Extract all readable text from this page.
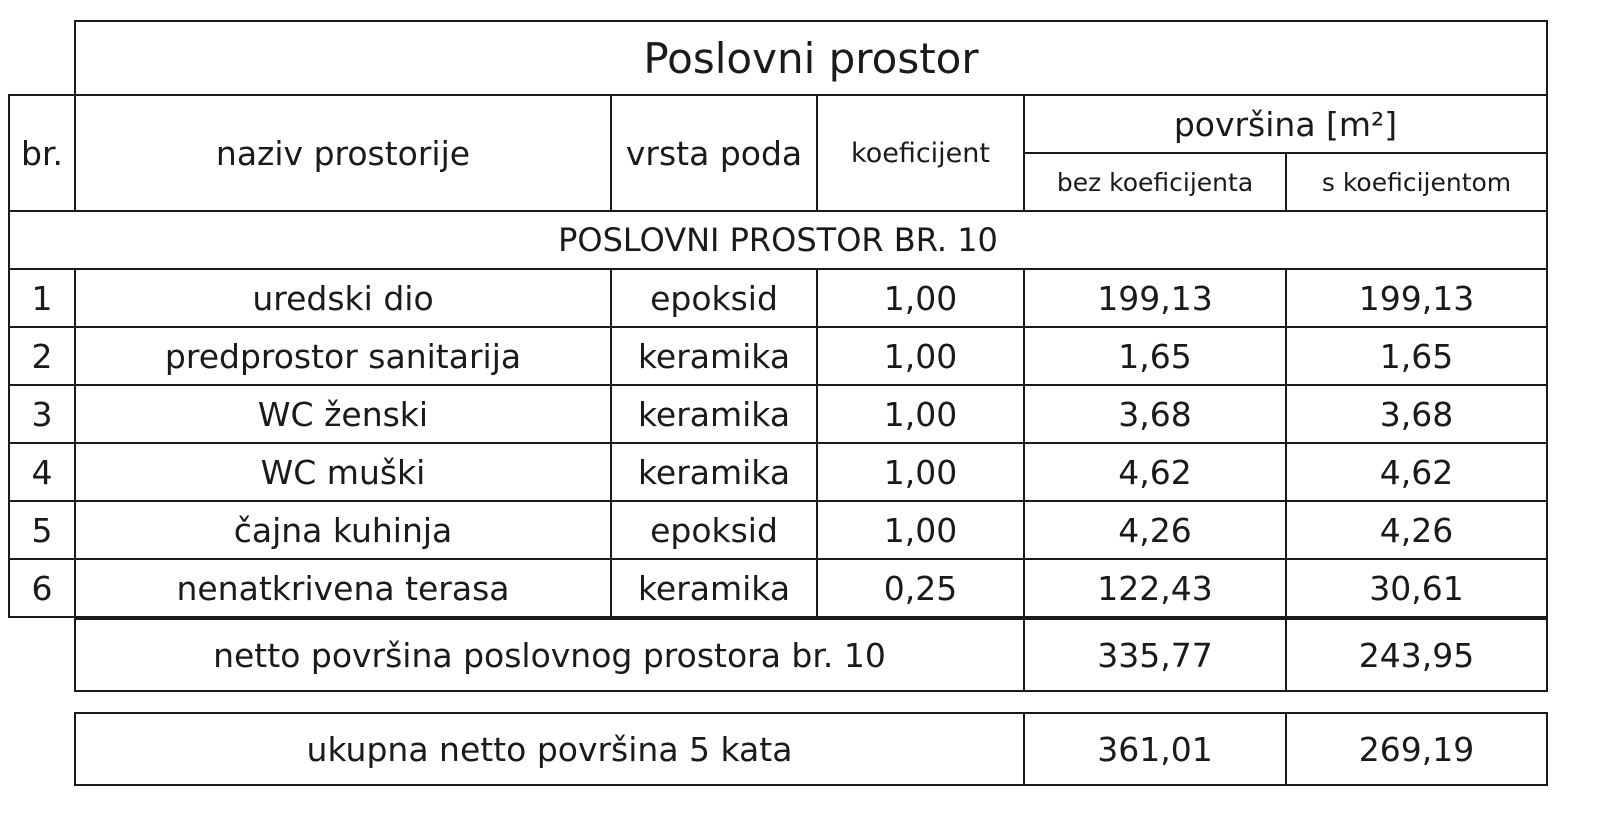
Poslovni prostor
br.	naziv prostorije	vrsta poda	koeficijent
površina [m²]
bez koeficijenta	s koeficijentom
POSLOVNI PROSTOR BR. 10
1	uredski dio	epoksid	1,00	199,13	199,13
2	predprostor sanitarija	keramika	1,00	1,65	1,65
3	WC ženski	keramika	1,00	3,68	3,68
4	WC muški	keramika	1,00	4,62	4,62
5	čajna kuhinja	epoksid	1,00	4,26	4,26
6	nenatkrivena terasa	keramika	0,25	122,43	30,61
netto površina poslovnog prostora br. 10	335,77	243,95
ukupna netto površina 5 kata	361,01	269,19
